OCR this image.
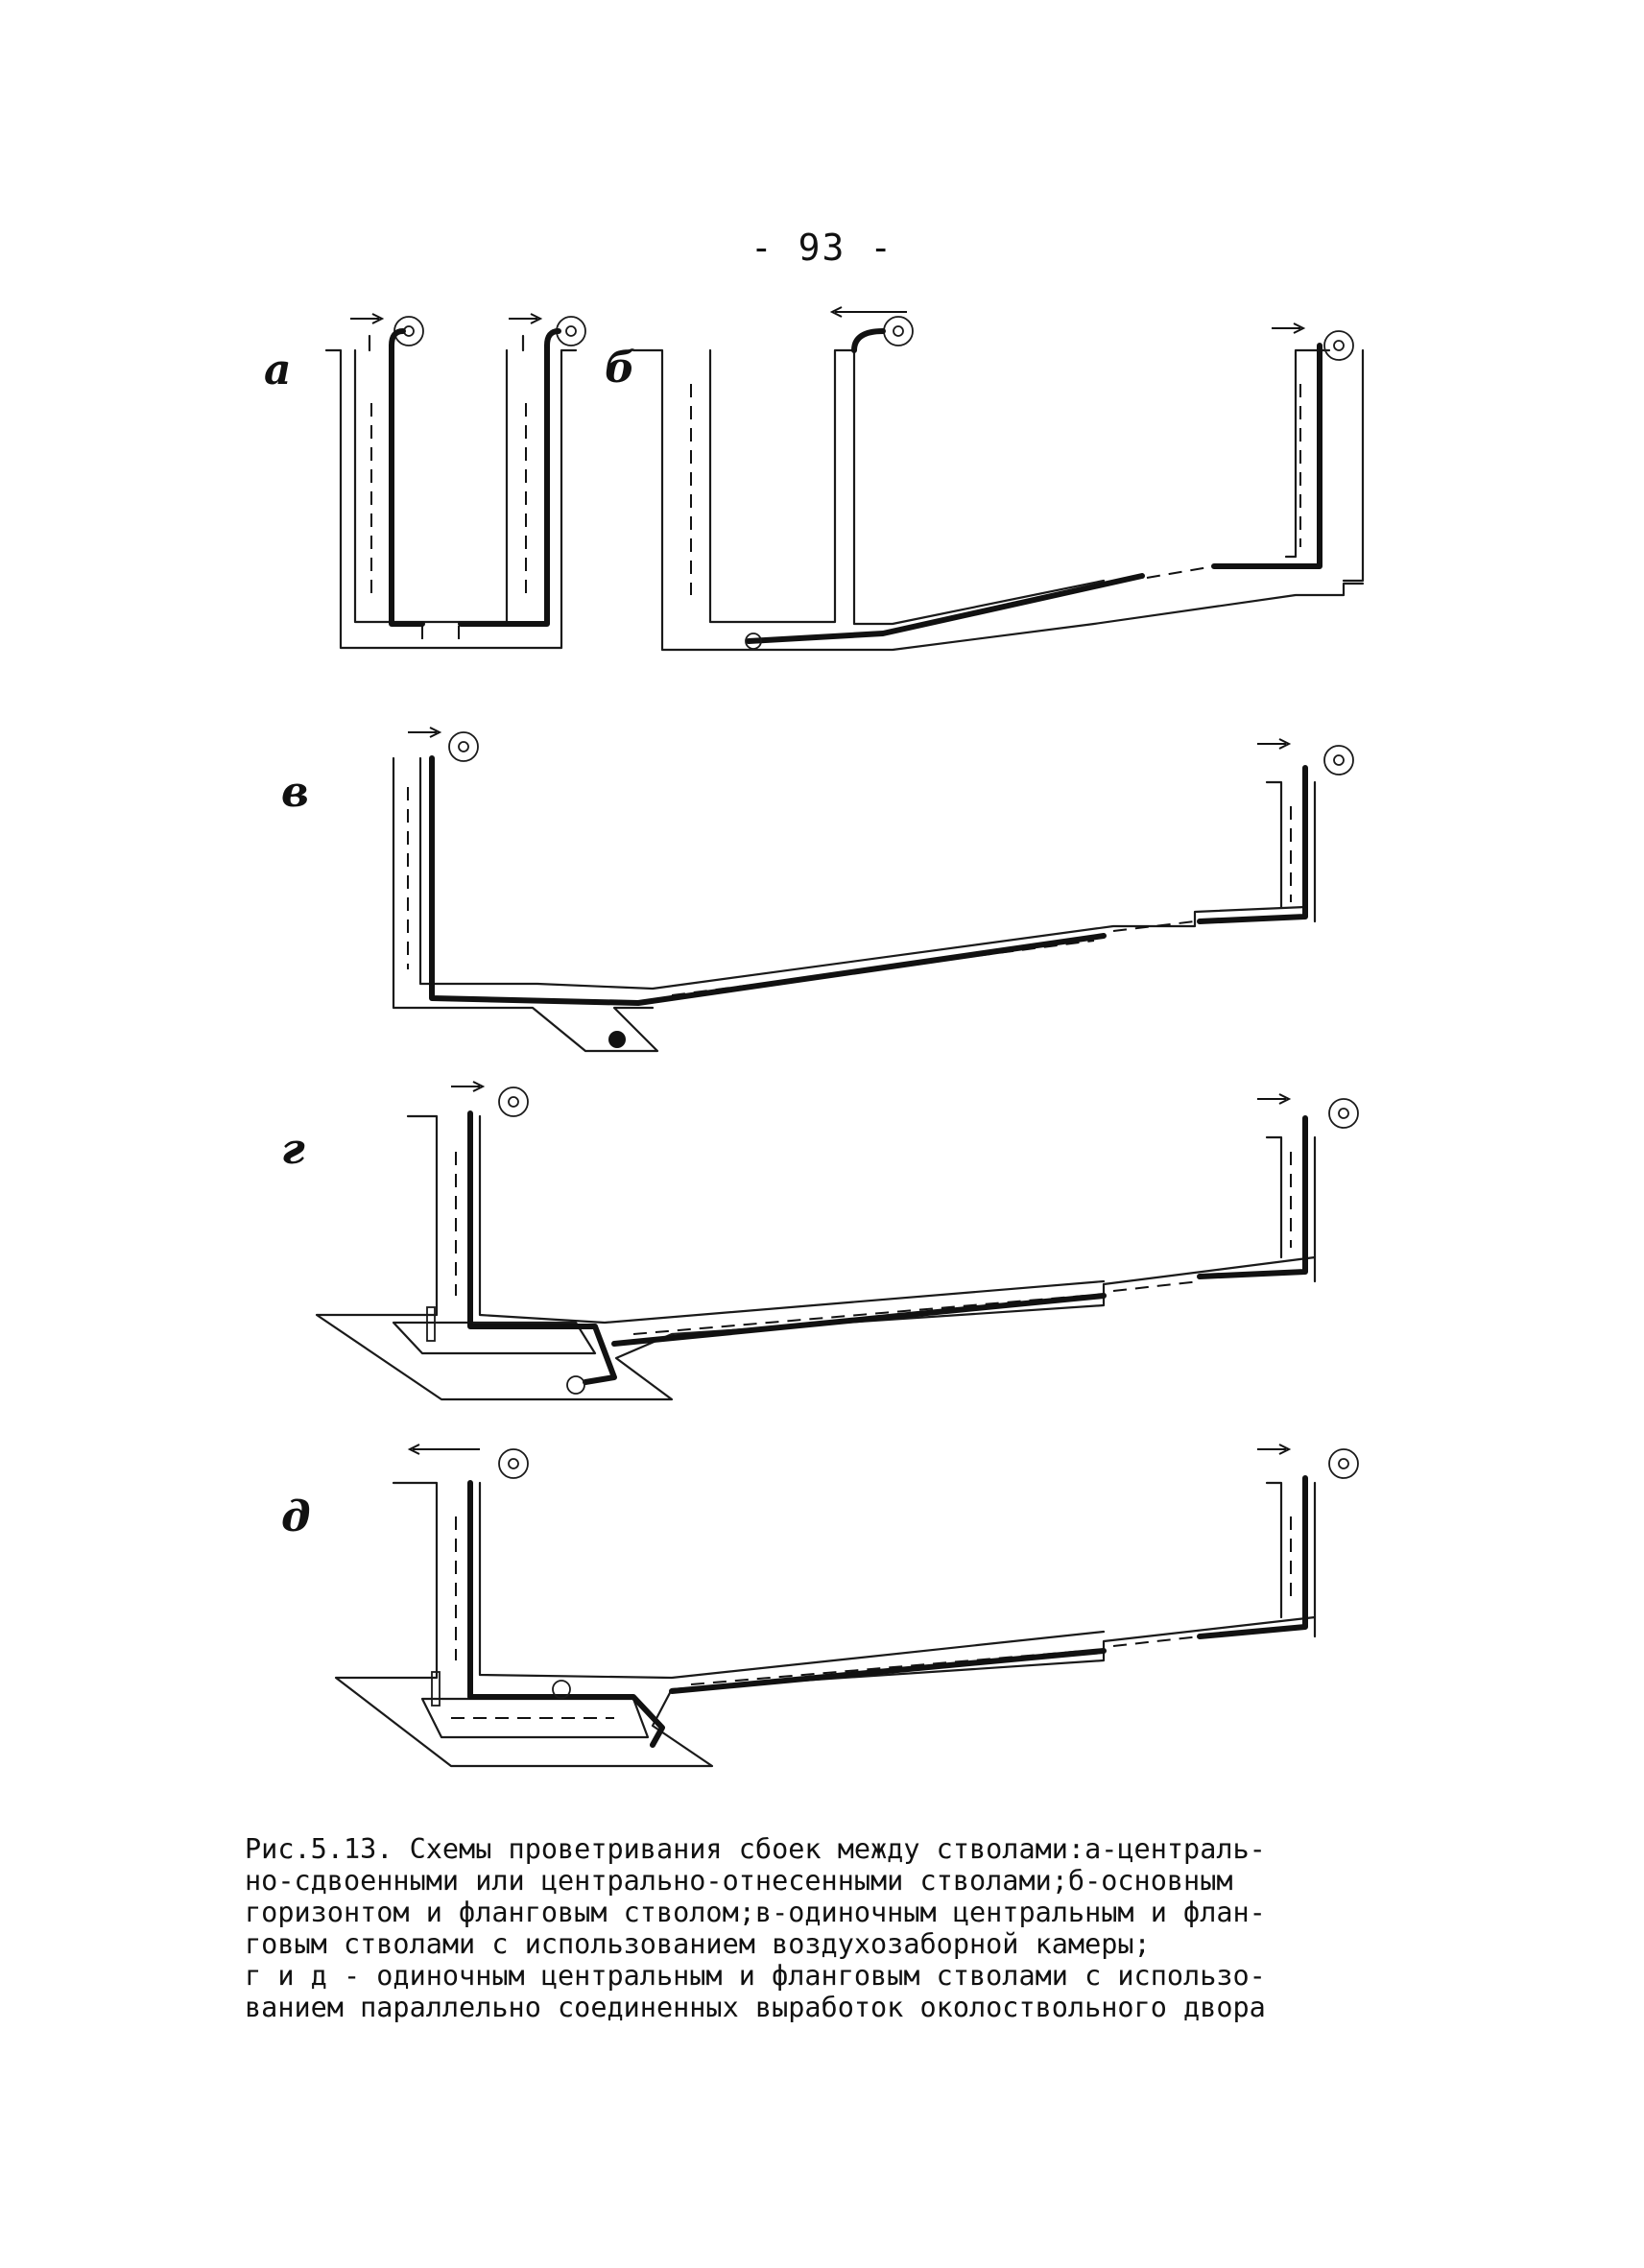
- 93 -
а	б
в
г
д
Рис.5.13. Схемы проветривания сбоек между стволами:а-централь-
но-сдвоенными или центрально-отнесенными стволами;б-основным
горизонтом и фланговым стволом;в-одиночным центральным и флан-
говым стволами с использованием воздухозаборной камеры;
г и д - одиночным центральным и фланговым стволами с использо-
ванием параллельно соединенных выработок околоствольного двора
